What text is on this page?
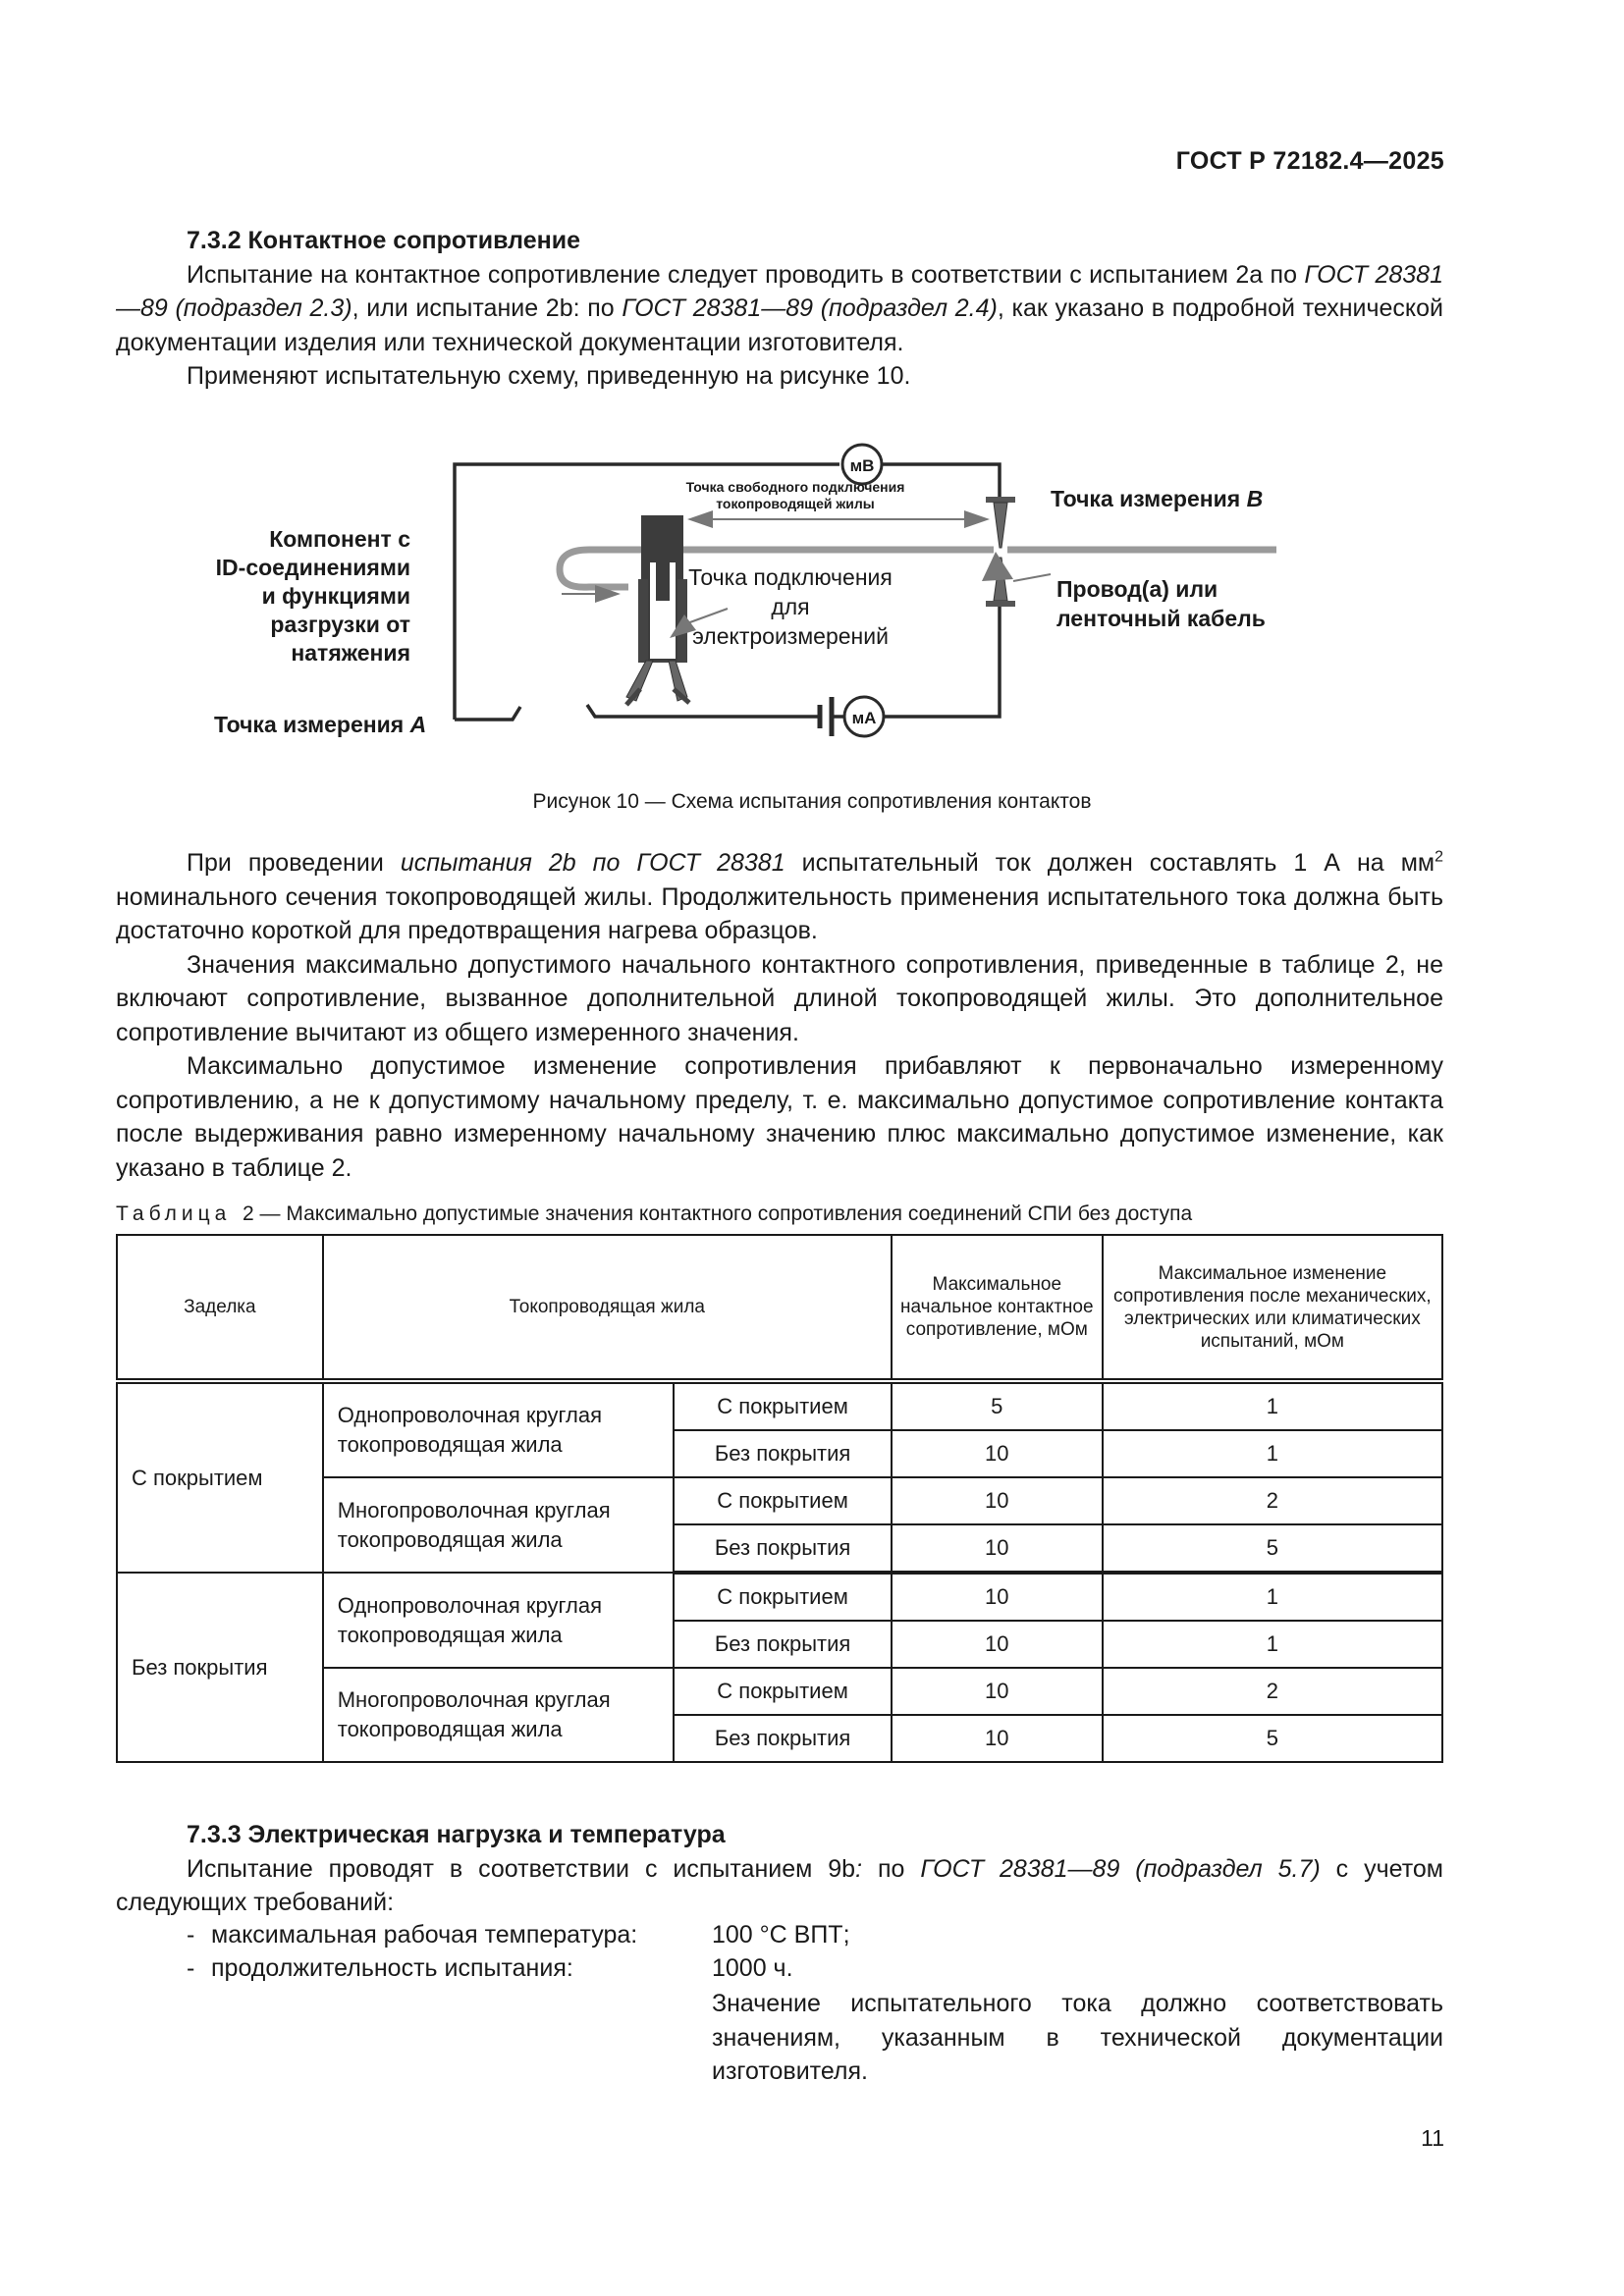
ГОСТ Р 72182.4—2025
7.3.2 Контактное сопротивление

Испытание на контактное сопротивление следует проводить в соответствии с испытанием 2a по ГОСТ 28381—89 (подраздел 2.3), или испытание 2b: по ГОСТ 28381—89 (подраздел 2.4), как указано в подробной технической документации изделия или технической документации изготовителя.

Применяют испытательную схему, приведенную на рисунке 10.

мВ
мА
Компонент с
ID-соединениями
и функциями
разгрузки от
натяжения
Точка измерения A
Точка свободного подключения
токопроводящей жилы
Точка подключения
для
электроизмерений
Точка измерения B
Провод(а) или
ленточный кабель
Рисунок 10 — Схема испытания сопротивления контактов

При проведении испытания 2b по ГОСТ 28381 испытательный ток должен составлять 1 А на $мм^2$ номинального сечения токопроводящей жилы. Продолжительность применения испытательного тока должна быть достаточно короткой для предотвращения нагрева образцов.

Значения максимально допустимого начального контактного сопротивления, приведенные в таблице 2, не включают сопротивление, вызванное дополнительной длиной токопроводящей жилы. Это дополнительное сопротивление вычитают из общего измеренного значения.

Максимально допустимое изменение сопротивления прибавляют к первоначально измеренному сопротивлению, а не к допустимому начальному пределу, т. е. максимально допустимое сопротивление контакта после выдерживания равно измеренному начальному значению плюс максимально допустимое изменение, как указано в таблице 2.

Таблица 2 — Максимально допустимые значения контактного сопротивления соединений СПИ без доступа
Заделка	Токопроводящая жила		Максимальное начальное контактное сопротивление, мОм	Максимальное изменение сопротивления после механических, электрических или климатических испытаний, мОм
С покрытием	Однопроволочная круглая токопроводящая жила	С покрытием	5	1
		Без покрытия	10	1
	Многопроволочная круглая токопроводящая жила	С покрытием	10	2
		Без покрытия	10	5
Без покрытия	Однопроволочная круглая токопроводящая жила	С покрытием	10	1
		Без покрытия	10	1
	Многопроволочная круглая токопроводящая жила	С покрытием	10	2
		Без покрытия	10	5
7.3.3 Электрическая нагрузка и температура

Испытание проводят в соответствии с испытанием 9b: по ГОСТ 28381—89 (подраздел 5.7) с учетом следующих требований:

- максимальная рабочая температура:	100 °С ВПТ;
- продолжительность испытания:	1000 ч.
Значение испытательного тока должно соответствовать значениям, указанным в технической документации изготовителя.
11
